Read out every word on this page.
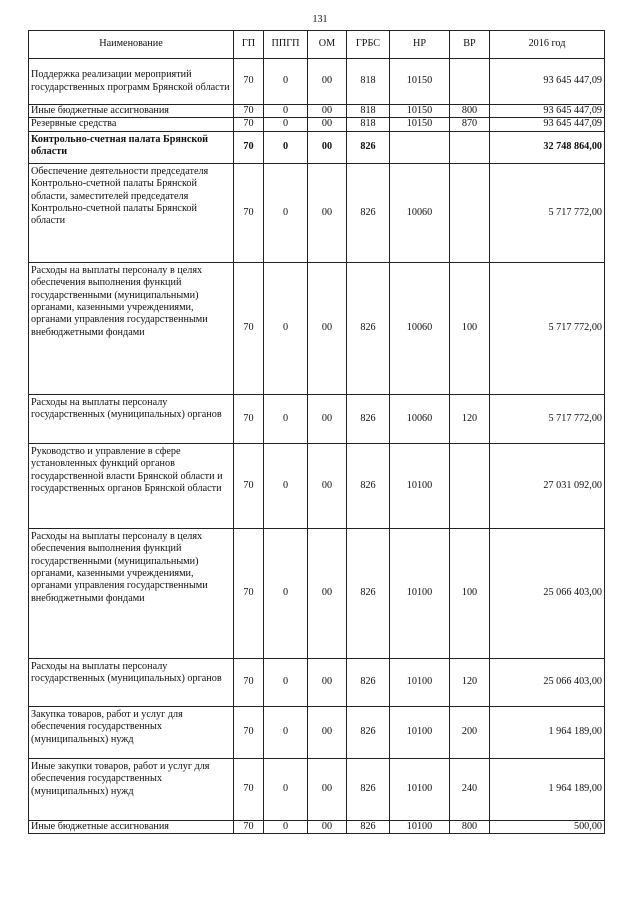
131
Наименование	ГП	ППГП	ОМ	ГРБС	НР	ВР	2016 год
Поддержка реализации мероприятий государственных программ Брянской области	70	0	00	818	10150		93 645 447,09
Иные бюджетные ассигнования	70	0	00	818	10150	800	93 645 447,09
Резервные средства	70	0	00	818	10150	870	93 645 447,09
Контрольно-счетная палата Брянской области	70	0	00	826			32 748 864,00
Обеспечение деятельности председателя Контрольно-счетной палаты Брянской области, заместителей председателя Контрольно-счетной палаты Брянской области	70	0	00	826	10060		5 717 772,00
Расходы на выплаты персоналу в целях обеспечения выполнения функций государственными (муниципальными) органами, казенными учреждениями, органами управления государственными внебюджетными фондами	70	0	00	826	10060	100	5 717 772,00
Расходы на выплаты персоналу государственных (муниципальных) органов	70	0	00	826	10060	120	5 717 772,00
Руководство и управление в сфере установленных функций органов государственной власти Брянской области и государственных органов Брянской области	70	0	00	826	10100		27 031 092,00
Расходы на выплаты персоналу в целях обеспечения выполнения функций государственными (муниципальными) органами, казенными учреждениями, органами управления государственными внебюджетными фондами	70	0	00	826	10100	100	25 066 403,00
Расходы на выплаты персоналу государственных (муниципальных) органов	70	0	00	826	10100	120	25 066 403,00
Закупка товаров, работ и услуг для обеспечения государственных (муниципальных) нужд	70	0	00	826	10100	200	1 964 189,00
Иные закупки товаров, работ и услуг для обеспечения государственных (муниципальных) нужд	70	0	00	826	10100	240	1 964 189,00
Иные бюджетные ассигнования	70	0	00	826	10100	800	500,00
